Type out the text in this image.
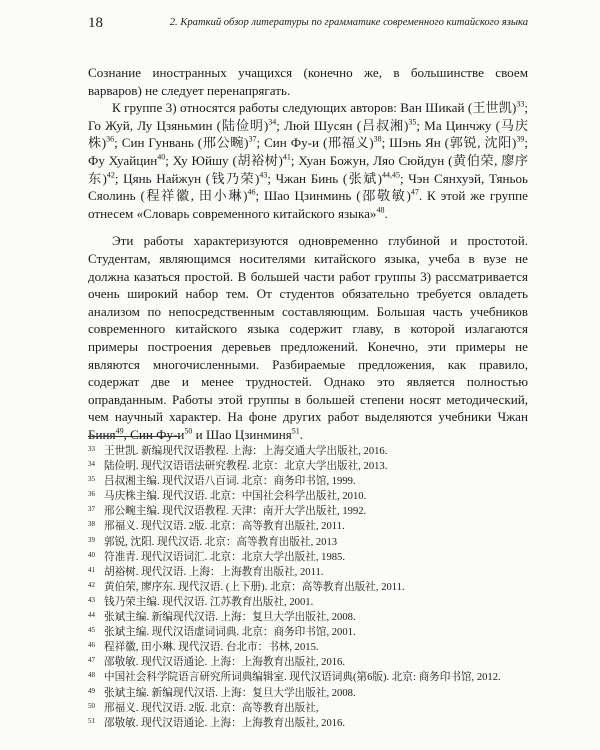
18	2. Краткий обзор литературы по грамматике современного китайского языка

Сознание иностранных учащихся (конечно же, в большинстве своем варваров) не следует перенапрягать.

К группе 3) относятся работы следующих авторов: Ван Шикай (王世凯)$^{33}$; Го Жуй, Лу Цзяньмин (陆俭明)$^{34}$; Люй Шусян (吕叔湘)$^{35}$; Ма Цинчжу (马庆株)$^{36}$; Син Гунвань (邢公畹)$^{37}$; Син Фу-и (邢福义)$^{38}$; Шэнь Ян (郭锐, 沈阳)$^{39}$; Фу Хуайцин$^{40}$; Ху Юйшу (胡裕树)$^{41}$; Хуан Божун, Ляо Сюйдун (黄伯荣, 廖序东)$^{42}$; Цянь Найжун (钱乃荣)$^{43}$; Чжан Бинь (张斌)$^{44,45}$; Чэн Сянхуэй, Тяньоь Сяолинь (程祥徽, 田小琳)$^{46}$; Шао Цзинминь (邵敬敏)$^{47}$. К этой же группе отнесем «Словарь современного китайского языка»$^{48}$.

Эти работы характеризуются одновременно глубиной и простотой. Студентам, являющимся носителями китайского языка, учеба в вузе не должна казаться простой. В большей части работ группы 3) рассматривается очень широкий набор тем. От студентов обязательно требуется овладеть анализом по непосредственным составляющим. Большая часть учебников современного китайского языка содержит главу, в которой излагаются примеры построения деревьев предложений. Конечно, эти примеры не являются многочисленными. Разбираемые предложения, как правило, содержат две и менее трудностей. Однако это является полностью оправданным. Работы этой группы в большей степени носят методический, чем научный характер. На фоне других работ выделяются учебники Чжан Биня$^{49}$, Син $Фу-и^{50}$ и Шао Цзинминя$^{51}$.

33 王世凯. 新编现代汉语教程. 上海：上海交通大学出版社, 2016.
34 陆俭明. 现代汉语语法研究教程. 北京：北京大学出版社, 2013.
35 吕叔湘主编. 现代汉语八百词. 北京：商务印书馆, 1999.
36 马庆株主编. 现代汉语. 北京：中国社会科学出版社, 2010.
37 邢公畹主编. 现代汉语教程. 天津：南开大学出版社, 1992.
38 邢福义. 现代汉语. 2版. 北京：高等教育出版社, 2011.
39 郭锐, 沈阳. 现代汉语. 北京：高等教育出版社, 2013
40 符准青. 现代汉语词汇. 北京：北京大学出版社, 1985.
41 胡裕树. 现代汉语. 上海：上海教育出版社, 2011.
42 黄伯荣, 廖序东. 现代汉语. (上下册). 北京：高等教育出版社, 2011.
43 钱乃荣主编. 现代汉语. 江苏教育出版社, 2001.
44 张斌主编. 新编现代汉语. 上海：复旦大学出版社, 2008.
45 张斌主编. 现代汉语虚词词典. 北京：商务印书馆, 2001.
46 程祥徽, 田小琳. 现代汉语. 台北市：书林, 2015.
47 邵敬敏. 现代汉语通论. 上海：上海教育出版社, 2016.
48 中国社会科学院语言研究所词典编辑室. 现代汉语词典(第6版). 北京: 商务印书馆, 2012.
49 张斌主编. 新编现代汉语. 上海：复旦大学出版社, 2008.
50 邢福义. 现代汉语. 2版. 北京：高等教育出版社,
51 邵敬敏. 现代汉语通论. 上海：上海教育出版社, 2016.
